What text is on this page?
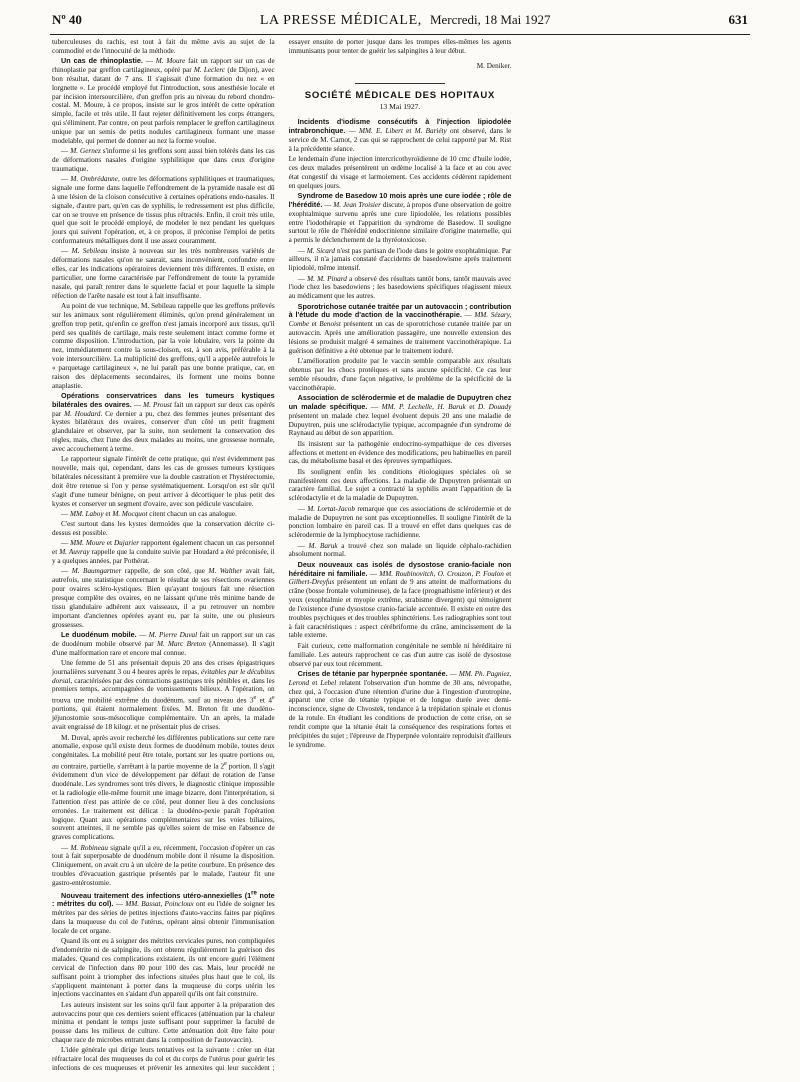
Nº 40	LA PRESSE MÉDICALE, Mercredi, 18 Mai 1927	631

tuberculeuses du rachis, est tout à fait du même avis au sujet de la commodité et de l'innocuité de la méthode.

Un cas de rhinoplastie. — M. Moure fait un rapport sur un cas de rhinoplastie par greffon cartilagineux, opéré par M. Leclerc (de Dijon), avec bon résultat, datant de 7 ans. Il s'agissait d'une formation du nez « en lorgnette ». Le procédé employé fut l'introduction, sous anesthésie locale et par incision intersourcilière, d'un greffon pris au niveau du rebord chondro-costal. M. Moure, à ce propos, insiste sur le gros intérêt de cette opération simple, facile et très utile. Il faut rejeter définitivement les corps étrangers, qui s'éliminent. Par contre, on peut parfois remplacer le greffon cartilagineux unique par un semis de petits nodules cartilagineux formant une masse modelable, qui permet de donner au nez la forme voulue.

— M. Gernez s'informe si les greffons sont aussi bien tolérés dans les cas de déformations nasales d'origine syphilitique que dans ceux d'origine traumatique.

— M. Ombrédanne, outre les déformations syphilitiques et traumatiques, signale une forme dans laquelle l'effondrement de la pyramide nasale est dû à une lésion de la cloison consécutive à certaines opérations endo-nasales. Il signale, d'autre part, qu'en cas de syphilis, le redressement est plus difficile, car on se trouve en présence de tissus plus rétractés. Enfin, il croit très utile, quel que soit le procédé employé, de modeler le nez pendant les quelques jours qui suivent l'opération, et, à ce propos, il préconise l'emploi de petits conformateurs métalliques dont il use assez couramment.

— M. Sebileau insiste à nouveau sur les très nombreuses variétés de déformations nasales qu'on ne saurait, sans inconvénient, confondre entre elles, car les indications opératoires deviennent très différentes. Il existe, en particulier, une forme caractérisée par l'effondrement de toute la pyramide nasale, qui paraît rentrer dans le squelette facial et pour laquelle la simple réfection de l'arête nasale est tout à fait insuffisante.

Au point de vue technique, M. Sebileau rappelle que les greffons prélevés sur les animaux sont régulièrement éliminés, qu'on prend généralement un greffon trop petit, qu'enfin ce greffon n'est jamais incorporé aux tissus, qu'il perd ses qualités de cartilage, mais reste seulement intact comme forme et comme disposition. L'introduction, par la voie lobulaire, vers la pointe du nez, immédiatement contre la sous-cloison, est, à son avis, préférable à la voie intersourcilière. La multiplicité des greffons, qu'il a appelée autrefois le « parquetage cartilagineux », ne lui paraît pas une bonne pratique, car, en raison des déplacements secondaires, ils forment une moins bonne anaplastie.

Opérations conservatrices dans les tumeurs kystiques bilatérales des ovaires. — M. Proust fait un rapport sur deux cas opérés par M. Houdard. Ce dernier a pu, chez des femmes jeunes présentant des kystes bilatéraux des ovaires, conserver d'un côté un petit fragment glandulaire et observer, par la suite, non seulement la conservation des règles, mais, chez l'une des deux malades au moins, une grossesse normale, avec accouchement à terme.

Le rapporteur signale l'intérêt de cette pratique, qui n'est évidemment pas nouvelle, mais qui, cependant, dans les cas de grosses tumeurs kystiques bilatérales nécessitant à première vue la double castration et l'hystérectomie, doit être retenue si l'on y pense systématiquement. Lorsqu'on est sûr qu'il s'agit d'une tumeur bénigne, on peut arriver à décortiquer le plus petit des kystes et conserver un segment d'ovaire, avec son pédicule vasculaire.

— MM. Laboy et M. Mocquot citent chacun un cas analogue.

C'est surtout dans les kystes dermoïdes que la conservation décrite ci-dessus est possible.

— MM. Moure et Dujarier rapportent également chacun un cas personnel et M. Auvray rappelle que la conduite suivie par Houdard a été préconisée, il y a quelques années, par Pothérat.

— M. Baumgartner rappelle, de son côté, que M. Walther avait fait, autrefois, une statistique concernant le résultat de ses résections ovariennes pour ovaires scléro-kystiques. Bien qu'ayant toujours fait une résection presque complète des ovaires, en ne laissant qu'une très minime bande de tissu glandulaire adhérent aux vaisseaux, il a pu retrouver un nombre important d'anciennes opérées ayant eu, par la suite, une ou plusieurs grossesses.

Le duodénum mobile. — M. Pierre Duval fait un rapport sur un cas de duodénum mobile observé par M. Marc Breton (Annemasse). Il s'agit d'une malformation rare et encore mal connue.

Une femme de 51 ans présentait depuis 20 ans des crises épigastriques journalières survenant 3 ou 4 heures après le repas, évitables par le décubitus dorsal, caractérisées par des contractions gastriques très pénibles et, dans les premiers temps, accompagnées de vomissements bilieux. A l'opération, on trouva une mobilité extrême du duodénum, sauf au niveau des 3e et 4e portions, qui étaient normalement fixées. M. Breton fit une duodéno-jéjunostomie sous-mésocolique complémentaire. Un an après, la malade avait engraissé de 18 kilogr. et ne présentait plus de crises.

M. Duval, après avoir recherché les différentes publications sur cette rare anomalie, expose qu'il existe deux formes de duodénum mobile, toutes deux congénitales. La mobilité peut être totale, portant sur les quatre portions ou, au contraire, partielle, s'arrêtant à la partie moyenne de la 2e portion. Il s'agit évidemment d'un vice de développement par défaut de rotation de l'anse duodénale. Les syndromes sont très divers, le diagnostic clinique impossible et la radiologie elle-même fournit une image bizarre, dont l'interprétation, si l'attention n'est pas attirée de ce côté, peut donner lieu à des conclusions erronées. Le traitement est délicat : la duodéno-pexie paraît l'opération logique. Quant aux opérations complémentaires sur les voies biliaires, souvent atteintes, il ne semble pas qu'elles soient de mise en l'absence de graves complications.

— M. Robineau signale qu'il a eu, récemment, l'occasion d'opérer un cas tout à fait superposable de duodénum mobile dont il résume la disposition. Cliniquement, on avait cru à un ulcère de la petite courbure. En présence des troubles d'évacuation gastrique présentés par le malade, l'auteur fit une gastro-entérostomie.

Nouveau traitement des infections utéro-annexielles (1re note : métrites du col). — MM. Bassat, Poincloux ont eu l'idée de soigner les métrites par des séries de petites injections d'auto-vaccins faites par piqûres dans la muqueuse du col de l'utérus, opérant ainsi obtenir l'immunisation locale de cet organe.

Quand ils ont eu à soigner des métrites cervicales pures, non compliquées d'endométrite ni de salpingite, ils ont obtenu régulièrement la guérison des malades. Quand ces complications existaient, ils ont encore guéri l'élément cervical de l'infection dans 80 pour 100 des cas. Mais, leur procédé ne suffisant point à triompher des infections situées plus haut que le col, ils s'appliquent maintenant à porter dans la muqueuse du corps utérin les injections vaccinantes en s'aidant d'un appareil qu'ils ont fait construire.

Les auteurs insistent sur les soins qu'il faut apporter à la préparation des autovaccins pour que ces derniers soient efficaces (atténuation par la chaleur minima et pendant le temps juste suffisant pour supprimer la faculté de pousse dans les milieux de culture. Cette atténuation doit être faite pour chaque race de microbes entrant dans la composition de l'autovaccin).

L'idée générale qui dirige leurs tentatives est la suivante : créer un état réfractaire local des muqueuses du col et du corps de l'utérus pour guérir les infections de ces muqueuses et prévenir les annexites qui leur succèdent ; essayer ensuite de porter jusque dans les trompes elles-mêmes les agents immunisants pour tenter de guérir les salpingites à leur début.

M. Deniker.

SOCIÉTÉ MÉDICALE DES HOPITAUX
13 Mai 1927.

Incidents d'iodisme consécutifs à l'injection lipiodolée intrabronchique. — MM. E. Libert et M. Bariéty ont observé, dans le service de M. Carnot, 2 cas qui se rapprochent de celui rapporté par M. Rist à la précédente séance.

Le lendemain d'une injection intercricothyroïdienne de 10 cmc d'huile iodée, ces deux malades présentèrent un œdème localisé à la face et au cou avec état congestif du visage et larmoiement. Ces accidents cédèrent rapidement en quelques jours.

Syndrome de Basedow 10 mois après une cure iodée ; rôle de l'hérédité. — M. Jean Troisier discute, à propos d'une observation de goitre exophtalmique survenu après une cure lipiodolée, les relations possibles entre l'iodothérapie et l'apparition du syndrome de Basedow. Il souligne surtout le rôle de l'hérédité endocrinienne similaire d'origine maternelle, qui a permis le déclenchement de la thyréotoxicose.

— M. Sicard n'est pas partisan de l'iode dans le goitre exophtalmique. Par ailleurs, il n'a jamais constaté d'accidents de basedowisme après traitement lipiodolé, même intensif.

— M. M. Pinard a observé des résultats tantôt bons, tantôt mauvais avec l'iode chez les basedowiens ; les basedowiens spécifiques réagissent mieux au médicament que les autres.

Sporotrichose cutanée traitée par un autovaccin ; contribution à l'étude du mode d'action de la vaccinothérapie. — MM. Sézary, Combe et Benoist présentent un cas de sporotrichose cutanée traitée par un autovaccin. Après une amélioration passagère, une nouvelle extension des lésions se produisit malgré 4 semaines de traitement vaccinothérapique. La guérison définitive a été obtenue par le traitement ioduré.

L'amélioration produite par le vaccin semble comparable aux résultats obtenus par les chocs protéiques et sans aucune spécificité. Ce cas leur semble résoudre, d'une façon négative, le problème de la spécificité de la vaccinothérapie.

Association de sclérodermie et de maladie de Dupuytren chez un malade spécifique. — MM. P. Lechelle, H. Baruk et D. Douady présentent un malade chez lequel évoluent depuis 20 ans une maladie de Dupuytren, puis une sclérodactylie typique, accompagnée d'un syndrome de Raynaud au début de son apparition.

Ils insistent sur la pathogénie endocrino-sympathique de ces diverses affections et mettent en évidence des modifications, peu habituelles en pareil cas, du métabolisme basal et des épreuves sympathiques.

Ils soulignent enfin les conditions étiologiques spéciales où se manifestèrent ces deux affections. La maladie de Dupuytren présentait un caractère familial. Le sujet a contracté la syphilis avant l'apparition de la sclérodactylie et de la maladie de Dupuytren.

— M. Lortat-Jacob remarque que ces associations de sclérodermie et de maladie de Dupuytren ne sont pas exceptionnelles. Il souligne l'intérêt de la ponction lombaire en pareil cas. Il a trouvé en effet dans quelques cas de sclérodermie de la lymphocytose rachidienne.

— M. Baruk a trouvé chez son malade un liquide céphalo-rachidien absolument normal.

Deux nouveaux cas isolés de dysostose cranio-faciale non héréditaire ni familiale. — MM. Roubinovitch, O. Crouzon, P. Foulon et Gilbert-Dreyfus présentent un enfant de 9 ans atteint de malformations du crâne (bosse frontale volumineuse), de la face (prognathisme inférieur) et des yeux (exophtalmie et myopie extrême, strabisme divergent) qui témoignent de l'existence d'une dysostose cranio-faciale accentuée. Il existe en outre des troubles psychiques et des troubles sphinctériens. Les radiographies sont tout à fait caractéristiques : aspect cérébriforme du crâne, amincissement de la table externe.

Fait curieux, cette malformation congénitale ne semble ni héréditaire ni familiale. Les auteurs rapprochent ce cas d'un autre cas isolé de dysostose observé par eux tout récemment.

Crises de tétanie par hyperpnée spontanée. — MM. Ph. Pagniez, Lerond et Lebel relatent l'observation d'un homme de 30 ans, névropathe, chez qui, à l'occasion d'une rétention d'urine due à l'ingestion d'urotropine, apparut une crise de tétanie typique et de longue durée avec demi-inconscience, signe de Chvostek, tendance à la trépidation spinale et clonus de la rotule. En étudiant les conditions de production de cette crise, on se rendit compte que la tétanie était la conséquence des respirations fortes et précipitées du sujet ; l'épreuve de l'hyperpnée volontaire reproduisit d'ailleurs le syndrome.
